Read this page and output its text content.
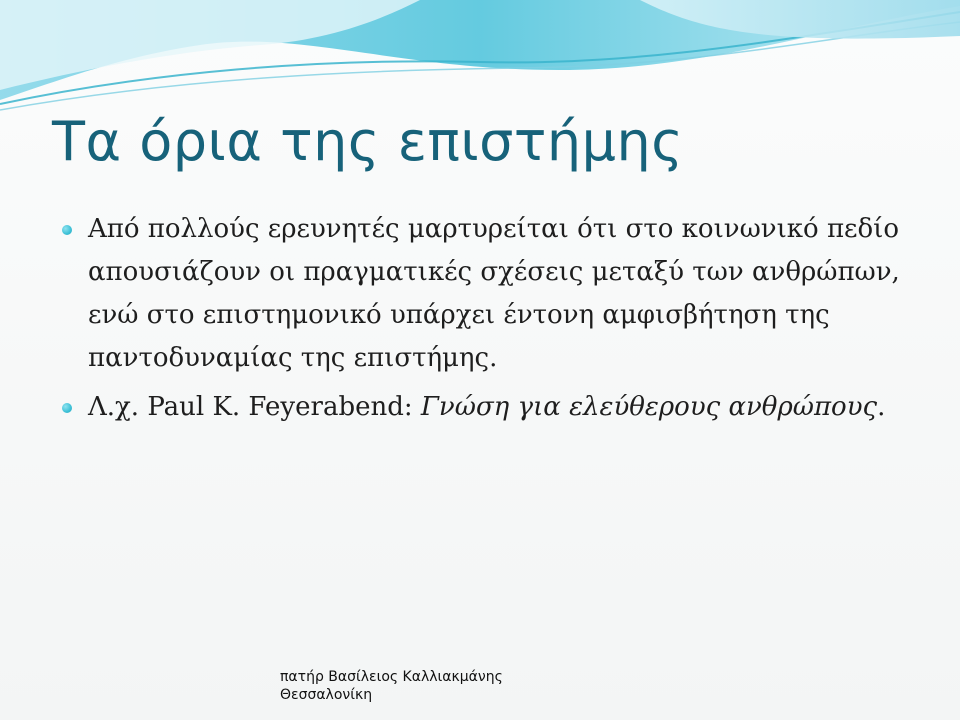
Τα όρια της επιστήμης
Από πολλούς ερευνητές μαρτυρείται ότι στο κοινωνικό πεδίο απουσιάζουν οι πραγματικές σχέσεις μεταξύ των ανθρώπων, ενώ στο επιστημονικό υπάρχει έντονη αμφισβήτηση της παντοδυναμίας της επιστήμης.
Λ.χ. Paul K. Feyerabend: Γνώση για ελεύθερους ανθρώπους.
πατήρ Βασίλειος Καλλιακμάνης
Θεσσαλονίκη
